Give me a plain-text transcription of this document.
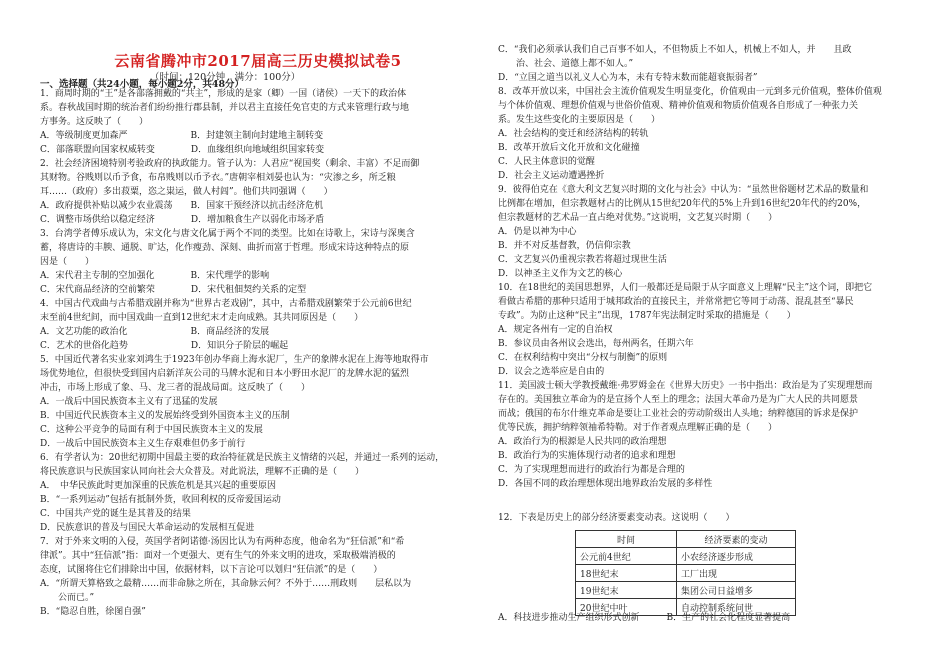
云南省腾冲市2017届高三历史模拟试卷5
（时间：120分钟　满分：100分）
一、选择题（共24小题，每小题2分，共48分）
1．商周时期的“王”是各部落拥戴的“共主”，形成的是家（卿）一国（诸侯）一天下的政治体
系。春秋战国时期的统治者们纷纷推行郡县制，并以君主直接任免官吏的方式来管理行政与地
方事务。这反映了（　　）
A．等级制度更加森严　　　　　　　B．封建领主制向封建地主制转变
C．部落联盟向国家权威转变　　　　D．血缘组织向地域组织国家转变
2．社会经济困境特别考验政府的执政能力。管子认为：人君应“视国奖（剩余、丰富）不足而御
其财物。谷贱则以币予食，布帛贱则以币予衣。”唐朝宰相刘晏也认为：“灾渗之乡，所乏粮
耳……（政府）多出菽粟，恣之粜运，做人村闾”。他们共同强调（　　）
A．政府提供补贴以减少农业震荡　　B．国家干预经济以抗击经济危机
C．调整市场供给以稳定经济　　　　D．增加粮食生产以弱化市场矛盾
3．台湾学者傅乐成认为，宋文化与唐文化属于两个不同的类型。比如在诗歌上，宋诗与深奥含
蓄，将唐诗的丰腴、通脱、旷达，化作瘦劲、深刻、曲折而富于哲理。形成宋诗这种特点的原
因是（　　）
A．宋代君主专制的空加强化　　　　B．宋代理学的影响
C．宋代商品经济的空前繁荣　　　　D．宋代租佃契约关系的定型
4．中国古代戏曲与古希腊戏剧并称为“世界古老戏剧”，其中，古希腊戏剧繁荣于公元前6世纪
末至前4世纪间，而中国戏曲一直到12世纪末才走向成熟。其共同原因是（　　）
A．文艺功能的政治化　　　　　　　B．商品经济的发展
C．艺术的世俗化趋势　　　　　　　D．知识分子阶层的崛起
5．中国近代著名实业家刘鸿生于1923年创办华商上海水泥厂，生产的象牌水泥在上海等地取得市
场优势地位，但很快受到国内启新洋灰公司的马牌水泥和日本小野田水泥厂的龙牌水泥的猛烈
冲击，市场上形成了象、马、龙三者的混战局面。这反映了（　　）
A．一战后中国民族资本主义有了迅猛的发展
B．中国近代民族资本主义的发展始终受到外国资本主义的压制
C．这种公平竞争的局面有利于中国民族资本主义的发展
D．一战后中国民族资本主义生存艰难但仍多于前行
6．有学者认为：20世纪初期中国最主要的政治特征就是民族主义情绪的兴起，并通过一系列的运动，
将民族意识与民族国家认同向社会大众普及。对此说法，理解不正确的是（　　）
A．　中华民族此时更加深重的民族危机是其兴起的重要原因
B．“一系列运动”包括有抵制外货，收回利权的反帝爱国运动
C．中国共产党的诞生是其普及的结果
D．民族意识的普及与国民大革命运动的发展相互促进
7．对于外来文明的入侵，英国学者阿诺德·汤因比认为有两种态度，他命名为“狂信派”和“希
律派”。其中“狂信派”指：面对一个更强大、更有生气的外来文明的进攻，采取极端消极的
态度，试图将住它们排除出中国，依据材料，以下言论可以划归“狂信派”的是（　　）
A．“所谓天算格致之最精……而非命脉之所在，其命脉云何？不外于……刑政则　　层私以为
　　公而已。”
B．“隐忍自胜，徐图自强”
C．“我们必须承认我们自己百事不如人，不但物质上不如人，机械上不如人，并　　且政
　　治、社会、道德上都不如人。”
D．“立国之道当以礼义人心为本，未有专特末数而能超衰振弱者”
8．改革开放以来，中国社会主流价值观发生明显变化，价值观由一元到多元价值观，整体价值观
与个体价值观、理想价值观与世俗价值观、精神价值观和物质价值观各自形成了一种张力关
系。发生这些变化的主要原因是（　　）
A．社会结构的变迁和经济结构的转轨
B．改革开放后文化开放和文化碰撞
C．人民主体意识的觉醒
D．社会主义运动遭遇挫折
9．彼得伯克在《意大利文艺复兴时期的文化与社会》中认为：“虽然世俗题材艺术品的数量和
比例都在增加，但宗教题材占的比例从15世纪20年代的5%上升到16世纪20年代的约20%，
但宗教题材的艺术品一直占绝对优势。”这说明，文艺复兴时期（　　）
A．仍是以神为中心
B．并不对反基督教，仍信仰宗教
C．文艺复兴仍重视宗教若将超过现世生活
D．以神圣主义作为文艺的核心
10．在18世纪的美国思想界，人们一般都还是局限于从字面意义上理解“民主”这个词，即把它
看做古希腊的那种只适用于城邦政治的直接民主，并常常把它等同于动荡、混乱甚至“暴民
专政”。为防止这种“民主”出现，1787年宪法制定时采取的措施是（　　）
A．规定各州有一定的自治权
B．参议员由各州议会选出，每州两名，任期六年
C．在权利结构中突出“分权与制衡”的原则
D．议会之选举应是自由的
11．美国波士顿大学教授戴维·弗罗姆金在《世界大历史》一书中指出：政治是为了实现理想而
存在的。美国独立革命为的是宣扬个人至上的理念；法国大革命乃是为广大人民的共同愿景
而战；俄国的布尔什维克革命是要让工业社会的劳动阶级出人头地；纳粹德国的诉求是保护
优等民族，拥护纳粹领袖希特勒。对于作者观点理解正确的是（　　）
A．政治行为的根源是人民共同的政治理想
B．政治行为的实施体现行动者的追求和理想
C．为了实现理想而进行的政治行为都是合理的
D．各国不同的政治理想体现出地界政治发展的多样性
12．下表是历史上的部分经济要素变动表。这说明（　　）
A．科技进步推动生产组织形式创新　　　B．生产的社会化程度显著提高
时间	经济要素的变动
公元前4世纪	小农经济逐步形成
18世纪末	工厂出现
19世纪末	集团公司日益增多
20世纪中叶	自动控制系统问世
